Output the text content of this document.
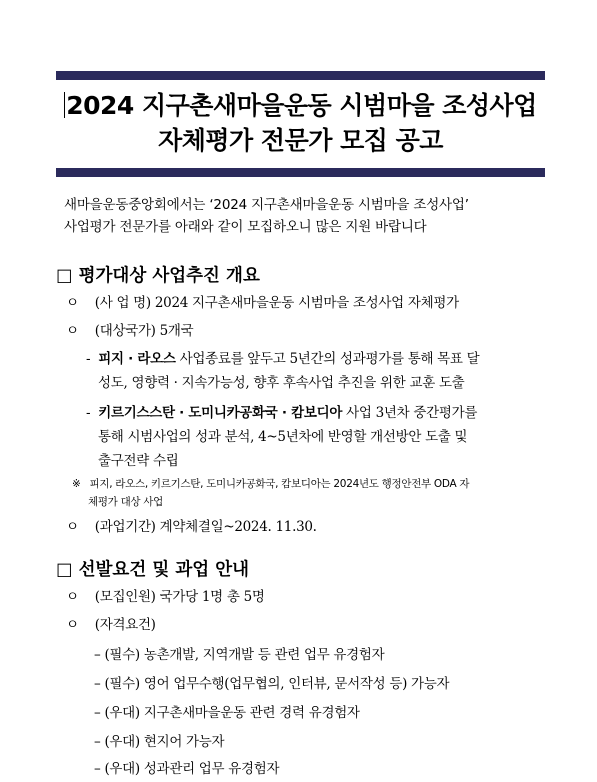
2024 지구촌새마을운동 시범마을 조성사업
자체평가 전문가 모집 공고
새마을운동중앙회에서는 ‘2024 지구촌새마을운동 시범마을 조성사업’
사업평가 전문가를 아래와 같이 모집하오니 많은 지원 바랍니다
□ 평가대상 사업추진 개요
ㅇ (사 업 명) 2024 지구촌새마을운동 시범마을 조성사업 자체평가
ㅇ (대상국가) 5개국
- 피지 · 라오스 사업종료를 앞두고 5년간의 성과평가를 통해 목표 달
성도, 영향력 · 지속가능성, 향후 후속사업 추진을 위한 교훈 도출
- 키르기스스탄 · 도미니카공화국 · 캄보디아 사업 3년차 중간평가를
통해 시범사업의 성과 분석, 4~5년차에 반영할 개선방안 도출 및
출구전략 수립
※ 피지, 라오스, 키르기스탄, 도미니카공화국, 캄보디아는 2024년도 행정안전부 ODA 자
체평가 대상 사업
ㅇ (과업기간) 계약체결일~2024. 11.30.
□ 선발요건 및 과업 안내
ㅇ (모집인원) 국가당 1명 총 5명
ㅇ (자격요건)
– (필수) 농촌개발, 지역개발 등 관련 업무 유경험자
– (필수) 영어 업무수행(업무협의, 인터뷰, 문서작성 등) 가능자
– (우대) 지구촌새마을운동 관련 경력 유경험자
– (우대) 현지어 가능자
– (우대) 성과관리 업무 유경험자
